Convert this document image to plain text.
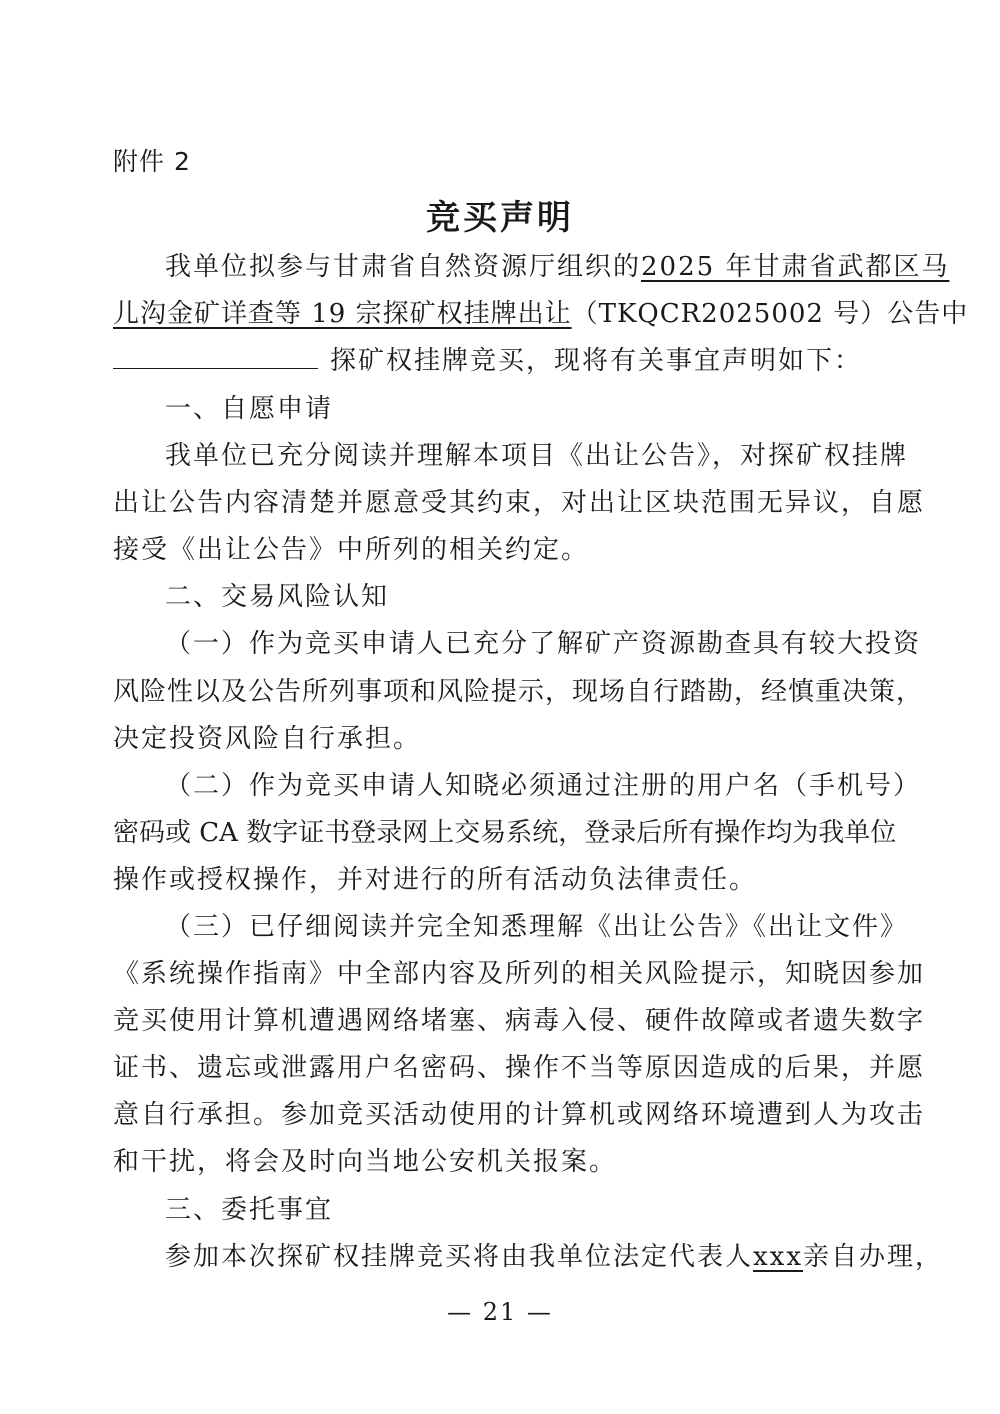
附件 2
竞买声明
我单位拟参与甘肃省自然资源厅组织的2025 年甘肃省武都区马
儿沟金矿详查等 19 宗探矿权挂牌出让（TKQCR2025002 号）公告中
探矿权挂牌竞买，现将有关事宜声明如下：
一、自愿申请
我单位已充分阅读并理解本项目《出让公告》，对探矿权挂牌
出让公告内容清楚并愿意受其约束，对出让区块范围无异议，自愿
接受《出让公告》中所列的相关约定。
二、交易风险认知
（一）作为竞买申请人已充分了解矿产资源勘查具有较大投资
风险性以及公告所列事项和风险提示，现场自行踏勘，经慎重决策，
决定投资风险自行承担。
（二）作为竞买申请人知晓必须通过注册的用户名（手机号）
密码或 CA 数字证书登录网上交易系统，登录后所有操作均为我单位
操作或授权操作，并对进行的所有活动负法律责任。
（三）已仔细阅读并完全知悉理解《出让公告》《出让文件》
《系统操作指南》中全部内容及所列的相关风险提示，知晓因参加
竞买使用计算机遭遇网络堵塞、病毒入侵、硬件故障或者遗失数字
证书、遗忘或泄露用户名密码、操作不当等原因造成的后果，并愿
意自行承担。参加竞买活动使用的计算机或网络环境遭到人为攻击
和干扰，将会及时向当地公安机关报案。
三、委托事宜
参加本次探矿权挂牌竞买将由我单位法定代表人xxx亲自办理，
— 21 —
